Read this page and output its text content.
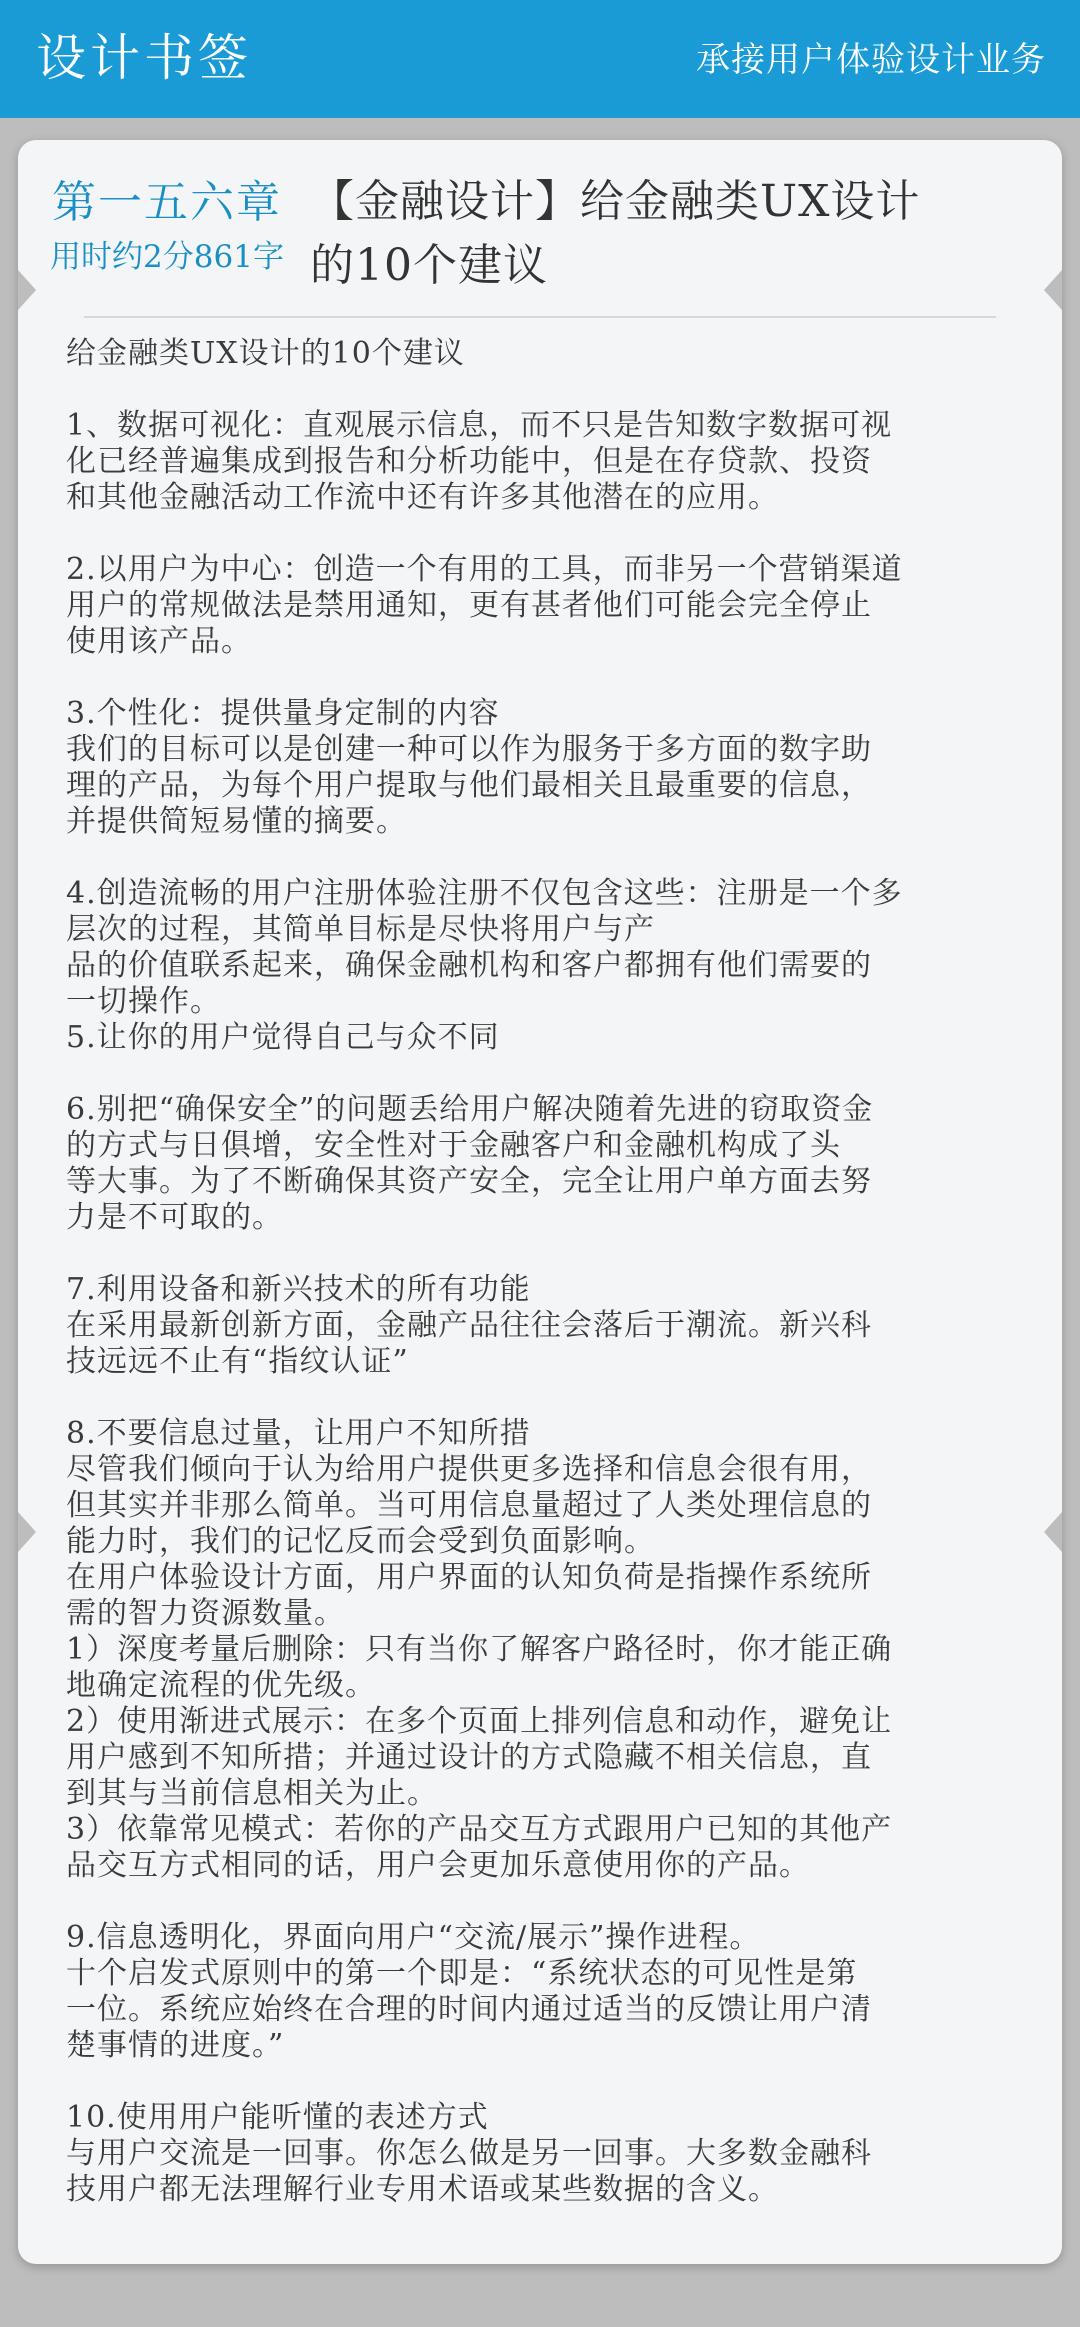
设计书签	承接用户体验设计业务
第一五六章
用时约2分861字
【金融设计】给金融类UX设计
的10个建议
给金融类UX设计的10个建议
1、数据可视化：直观展示信息，而不只是告知数字数据可视
化已经普遍集成到报告和分析功能中，但是在存贷款、投资
和其他金融活动工作流中还有许多其他潜在的应用。
2.以用户为中心：创造一个有用的工具，而非另一个营销渠道
用户的常规做法是禁用通知，更有甚者他们可能会完全停止
使用该产品。
3.个性化：提供量身定制的内容
我们的目标可以是创建一种可以作为服务于多方面的数字助
理的产品，为每个用户提取与他们最相关且最重要的信息，
并提供简短易懂的摘要。
4.创造流畅的用户注册体验注册不仅包含这些：注册是一个多
层次的过程，其简单目标是尽快将用户与产
品的价值联系起来，确保金融机构和客户都拥有他们需要的
一切操作。
5.让你的用户觉得自己与众不同
6.别把“确保安全”的问题丢给用户解决随着先进的窃取资金
的方式与日俱增，安全性对于金融客户和金融机构成了头
等大事。为了不断确保其资产安全，完全让用户单方面去努
力是不可取的。
7.利用设备和新兴技术的所有功能
在采用最新创新方面，金融产品往往会落后于潮流。新兴科
技远远不止有“指纹认证”
8.不要信息过量，让用户不知所措
尽管我们倾向于认为给用户提供更多选择和信息会很有用，
但其实并非那么简单。当可用信息量超过了人类处理信息的
能力时，我们的记忆反而会受到负面影响。
在用户体验设计方面，用户界面的认知负荷是指操作系统所
需的智力资源数量。
1）深度考量后删除：只有当你了解客户路径时，你才能正确
地确定流程的优先级。
2）使用渐进式展示：在多个页面上排列信息和动作，避免让
用户感到不知所措；并通过设计的方式隐藏不相关信息，直
到其与当前信息相关为止。
3）依靠常见模式：若你的产品交互方式跟用户已知的其他产
品交互方式相同的话，用户会更加乐意使用你的产品。
9.信息透明化，界面向用户“交流/展示”操作进程。
十个启发式原则中的第一个即是：“系统状态的可见性是第
一位。系统应始终在合理的时间内通过适当的反馈让用户清
楚事情的进度。”
10.使用用户能听懂的表述方式
与用户交流是一回事。你怎么做是另一回事。大多数金融科
技用户都无法理解行业专用术语或某些数据的含义。
